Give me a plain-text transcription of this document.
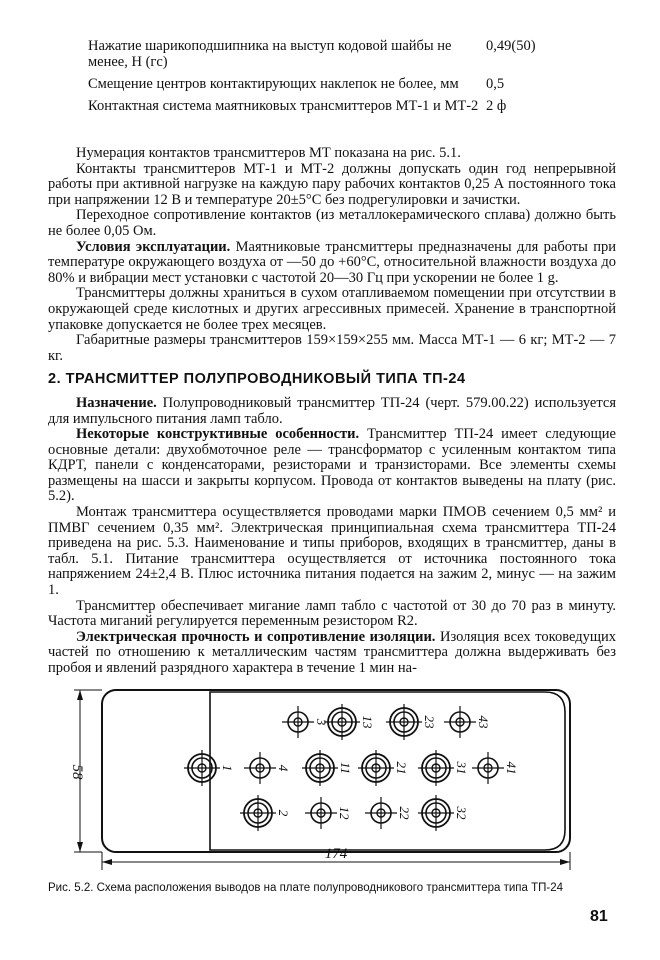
Нажатие шарикоподшипника на выступ кодовой шайбы не менее, Н (гс)
0,49(50)
Смещение центров контактирующих наклепок не более, мм	0,5
Контактная система маятниковых трансмиттеров МТ-1 и МТ-2 2 ф

Нумерация контактов трансмиттеров МТ показана на рис. 5.1.

Контакты трансмиттеров МТ-1 и МТ-2 должны допускать один год непрерывной работы при активной нагрузке на каждую пару рабочих контактов 0,25 А постоянного тока при напряжении 12 В и температуре 20±5°С без подрегулировки и зачистки.

Переходное сопротивление контактов (из металлокерамического сплава) должно быть не более 0,05 Ом.

Условия эксплуатации. Маятниковые трансмиттеры предназначены для работы при температуре окружающего воздуха от —50 до +60°С, относительной влажности воздуха до 80% и вибрации мест установки с частотой 20—30 Гц при ускорении не более 1 g.

Трансмиттеры должны храниться в сухом отапливаемом помещении при отсутствии в окружающей среде кислотных и других агрессивных примесей. Хранение в транспортной упаковке допускается не более трех месяцев.

Габаритные размеры трансмиттеров 159×159×255 мм. Масса МТ-1 — 6 кг; МТ-2 — 7 кг.

2. ТРАНСМИТТЕР ПОЛУПРОВОДНИКОВЫЙ ТИПА ТП-24

Назначение. Полупроводниковый трансмиттер ТП-24 (черт. 579.00.22) используется для импульсного питания ламп табло.

Некоторые конструктивные особенности. Трансмиттер ТП-24 имеет следующие основные детали: двухобмоточное реле — трансформатор с усиленным контактом типа КДРТ, панели с конденсаторами, резисторами и транзисторами. Все элементы схемы размещены на шасси и закрыты корпусом. Провода от контактов выведены на плату (рис. 5.2).

Монтаж трансмиттера осуществляется проводами марки ПМОВ сечением 0,5 мм² и ПМВГ сечением 0,35 мм². Электрическая принципиальная схема трансмиттера ТП-24 приведена на рис. 5.3. Наименование и типы приборов, входящих в трансмиттер, даны в табл. 5.1. Питание трансмиттера осуществляется от источника постоянного тока напряжением 24±2,4 В. Плюс источника питания подается на зажим 2, минус — на зажим 1.

Трансмиттер обеспечивает мигание ламп табло с частотой от 30 до 70 раз в минуту. Частота миганий регулируется переменным резистором R2.

Электрическая прочность и сопротивление изоляции. Изоляция всех токоведущих частей по отношению к металлическим частям трансмиттера должна выдерживать без пробоя и явлений разрядного характера в течение 1 мин на-

58
174
1
2
3
4	11
12
13
21
22
23
31
32
41
43
Рис. 5.2. Схема расположения выводов на плате полупроводникового трансмиттера типа ТП-24
81
